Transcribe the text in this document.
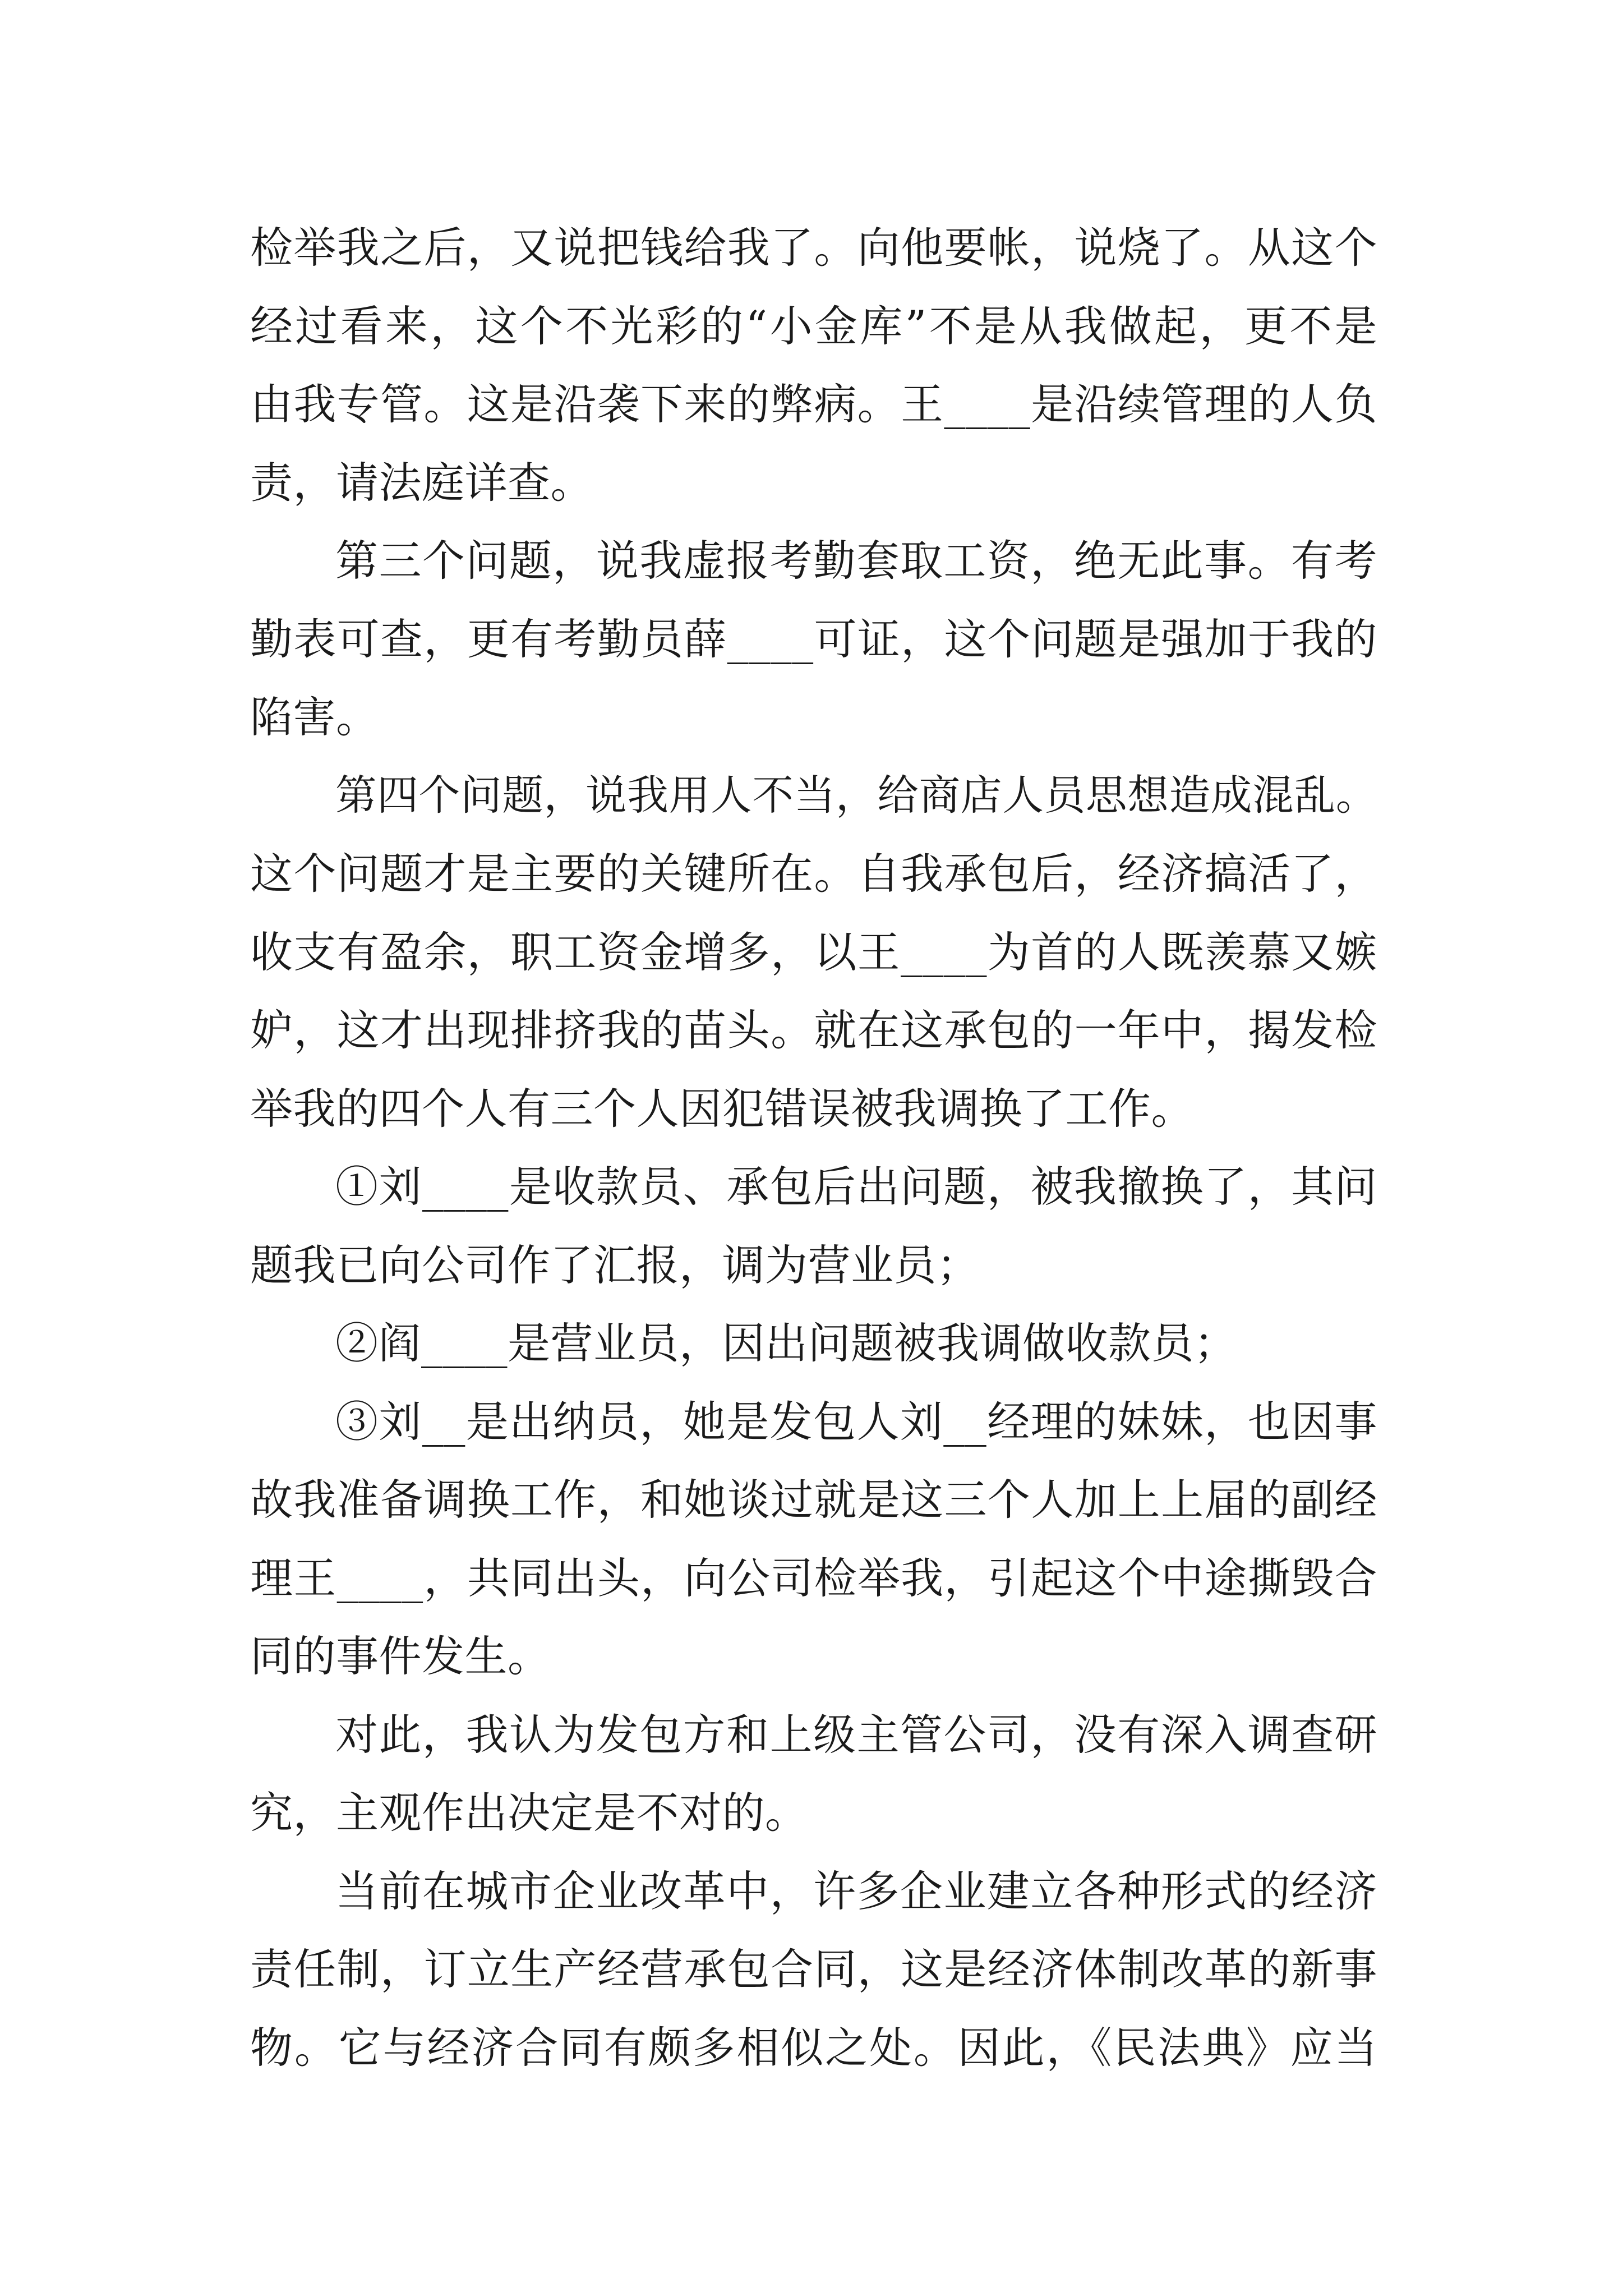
检举我之后，又说把钱给我了。向他要帐，说烧了。从这个
经过看来，这个不光彩的“小金库”不是从我做起，更不是
由我专管。这是沿袭下来的弊病。王____是沿续管理的人负
责，请法庭详查。

第三个问题，说我虚报考勤套取工资，绝无此事。有考
勤表可查，更有考勤员薛____可证，这个问题是强加于我的
陷害。

第四个问题，说我用人不当，给商店人员思想造成混乱。
这个问题才是主要的关键所在。自我承包后，经济搞活了，
收支有盈余，职工资金增多，以王____为首的人既羡慕又嫉
妒，这才出现排挤我的苗头。就在这承包的一年中，揭发检
举我的四个人有三个人因犯错误被我调换了工作。

①刘____是收款员、承包后出问题，被我撤换了，其问
题我已向公司作了汇报，调为营业员；

②阎____是营业员，因出问题被我调做收款员；

③刘__是出纳员，她是发包人刘__经理的妹妹，也因事
故我准备调换工作，和她谈过就是这三个人加上上届的副经
理王____，共同出头，向公司检举我，引起这个中途撕毁合
同的事件发生。

对此，我认为发包方和上级主管公司，没有深入调查研
究，主观作出决定是不对的。

当前在城市企业改革中，许多企业建立各种形式的经济
责任制，订立生产经营承包合同，这是经济体制改革的新事
物。它与经济合同有颇多相似之处。因此，《民法典》应当
